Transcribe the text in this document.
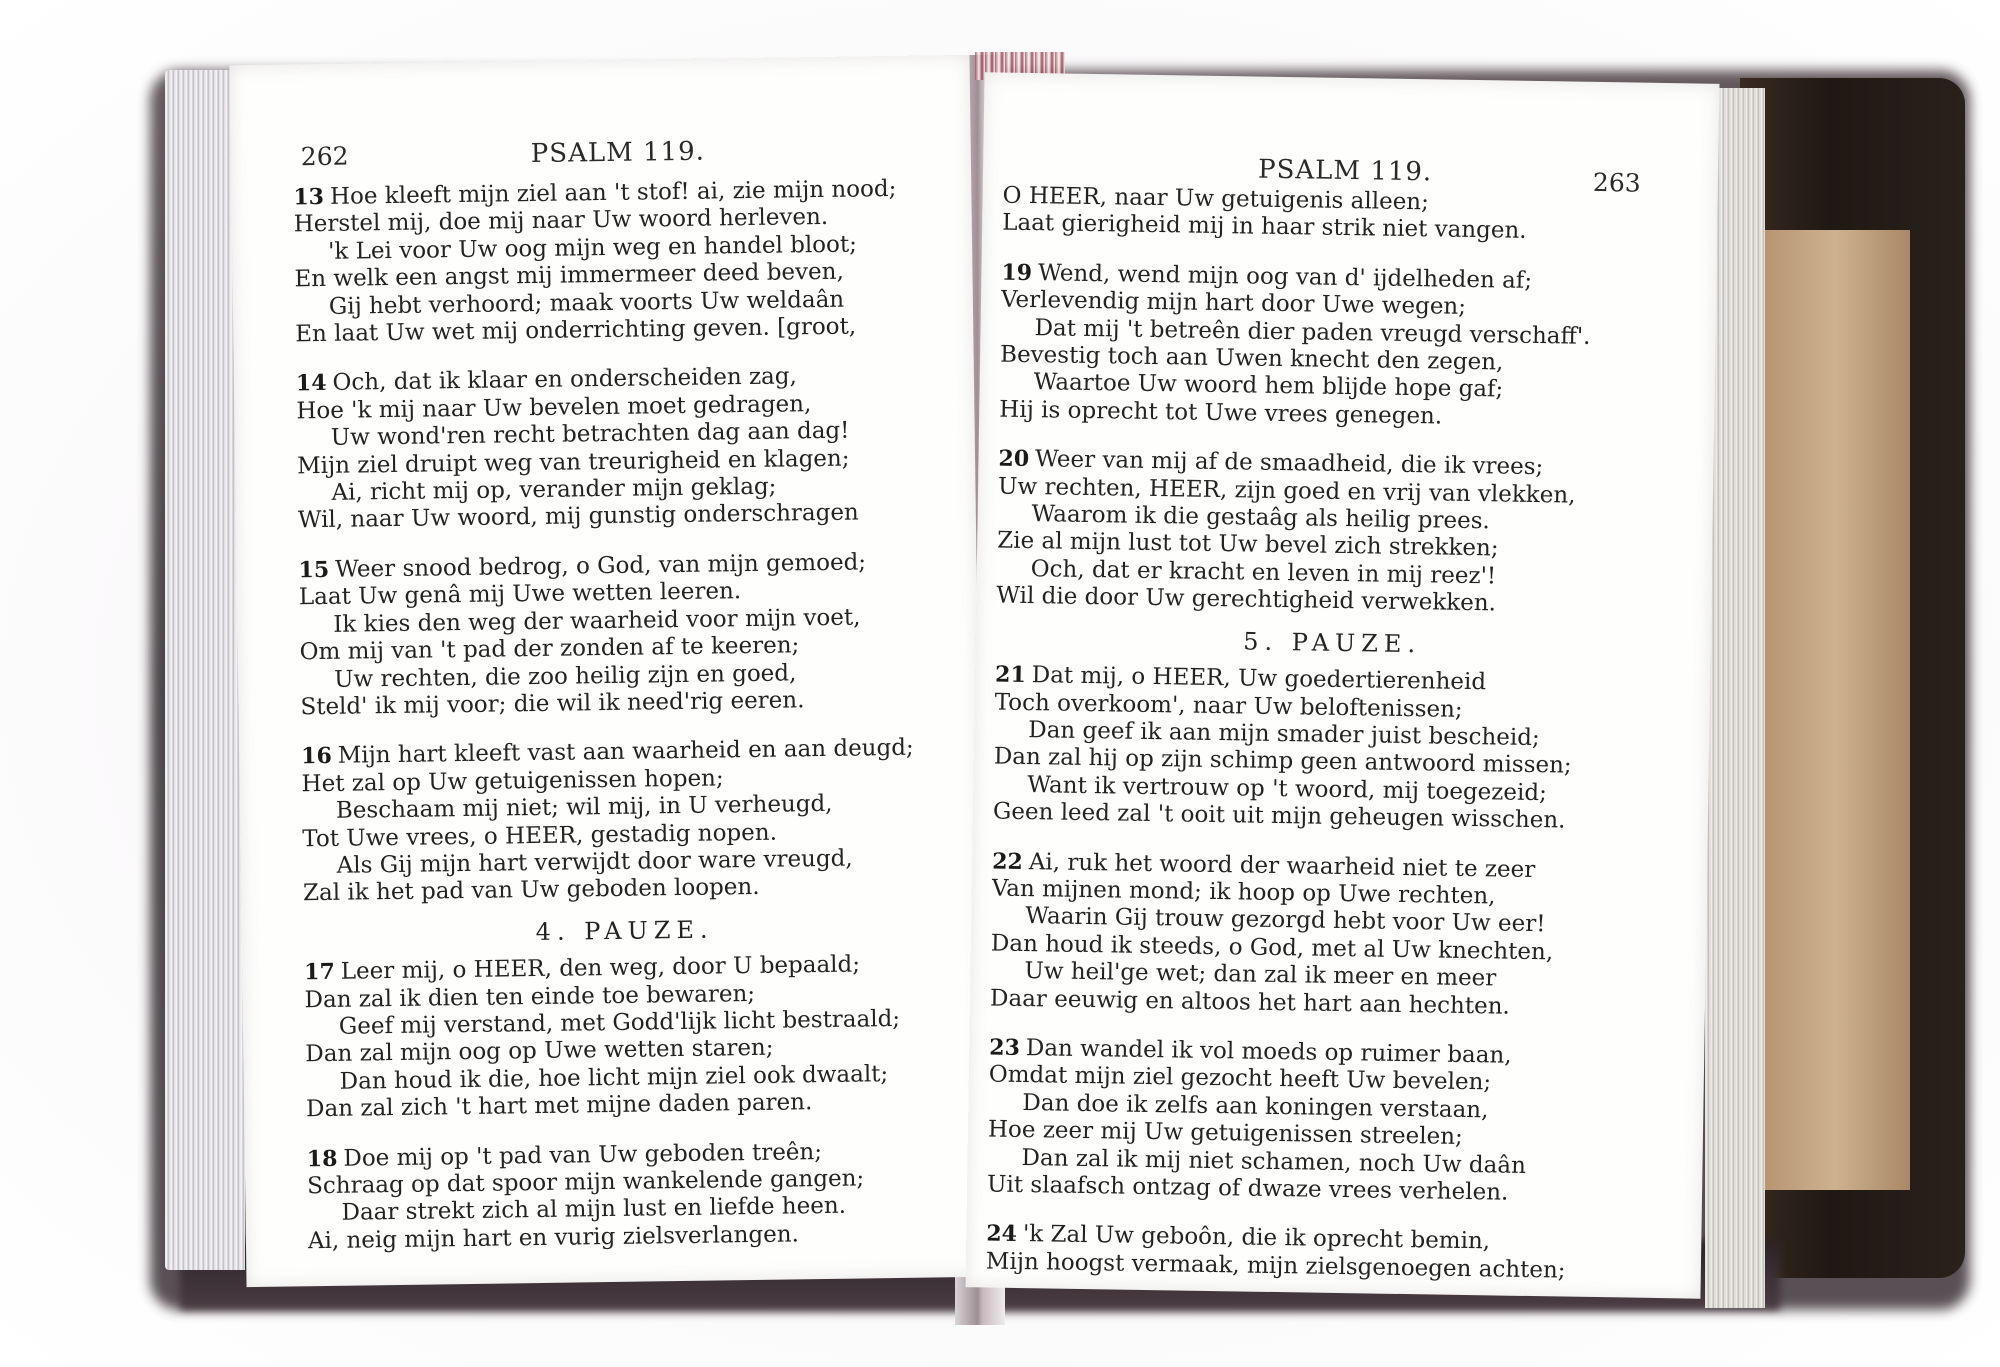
262	PSALM 119.
13 Hoe kleeft mijn ziel aan 't stof! ai, zie mijn nood;
Herstel mij, doe mij naar Uw woord herleven.
'k Lei voor Uw oog mijn weg en handel bloot;
En welk een angst mij immermeer deed beven,
Gij hebt verhoord; maak voorts Uw weldaân
En laat Uw wet mij onderrichting geven. [groot,
14 Och, dat ik klaar en onderscheiden zag,
Hoe 'k mij naar Uw bevelen moet gedragen,
Uw wond'ren recht betrachten dag aan dag!
Mijn ziel druipt weg van treurigheid en klagen;
Ai, richt mij op, verander mijn geklag;
Wil, naar Uw woord, mij gunstig onderschragen
15 Weer snood bedrog, o God, van mijn gemoed;
Laat Uw genâ mij Uwe wetten leeren.
Ik kies den weg der waarheid voor mijn voet,
Om mij van 't pad der zonden af te keeren;
Uw rechten, die zoo heilig zijn en goed,
Steld' ik mij voor; die wil ik need'rig eeren.
16 Mijn hart kleeft vast aan waarheid en aan deugd;
Het zal op Uw getuigenissen hopen;
Beschaam mij niet; wil mij, in U verheugd,
Tot Uwe vrees, o HEER, gestadig nopen.
Als Gij mijn hart verwijdt door ware vreugd,
Zal ik het pad van Uw geboden loopen.
4. PAUZE.
17 Leer mij, o HEER, den weg, door U bepaald;
Dan zal ik dien ten einde toe bewaren;
Geef mij verstand, met Godd'lijk licht bestraald;
Dan zal mijn oog op Uwe wetten staren;
Dan houd ik die, hoe licht mijn ziel ook dwaalt;
Dan zal zich 't hart met mijne daden paren.
18 Doe mij op 't pad van Uw geboden treên;
Schraag op dat spoor mijn wankelende gangen;
Daar strekt zich al mijn lust en liefde heen.
Ai, neig mijn hart en vurig zielsverlangen.
PSALM 119.	263
O HEER, naar Uw getuigenis alleen;
Laat gierigheid mij in haar strik niet vangen.
19 Wend, wend mijn oog van d' ijdelheden af;
Verlevendig mijn hart door Uwe wegen;
Dat mij 't betreên dier paden vreugd verschaff'.
Bevestig toch aan Uwen knecht den zegen,
Waartoe Uw woord hem blijde hope gaf;
Hij is oprecht tot Uwe vrees genegen.
20 Weer van mij af de smaadheid, die ik vrees;
Uw rechten, HEER, zijn goed en vrij van vlekken,
Waarom ik die gestaâg als heilig prees.
Zie al mijn lust tot Uw bevel zich strekken;
Och, dat er kracht en leven in mij reez'!
Wil die door Uw gerechtigheid verwekken.
5. PAUZE.
21 Dat mij, o HEER, Uw goedertierenheid
Toch overkoom', naar Uw beloftenissen;
Dan geef ik aan mijn smader juist bescheid;
Dan zal hij op zijn schimp geen antwoord missen;
Want ik vertrouw op 't woord, mij toegezeid;
Geen leed zal 't ooit uit mijn geheugen wisschen.
22 Ai, ruk het woord der waarheid niet te zeer
Van mijnen mond; ik hoop op Uwe rechten,
Waarin Gij trouw gezorgd hebt voor Uw eer!
Dan houd ik steeds, o God, met al Uw knechten,
Uw heil'ge wet; dan zal ik meer en meer
Daar eeuwig en altoos het hart aan hechten.
23 Dan wandel ik vol moeds op ruimer baan,
Omdat mijn ziel gezocht heeft Uw bevelen;
Dan doe ik zelfs aan koningen verstaan,
Hoe zeer mij Uw getuigenissen streelen;
Dan zal ik mij niet schamen, noch Uw daân
Uit slaafsch ontzag of dwaze vrees verhelen.
24 'k Zal Uw geboôn, die ik oprecht bemin,
Mijn hoogst vermaak, mijn zielsgenoegen achten;
